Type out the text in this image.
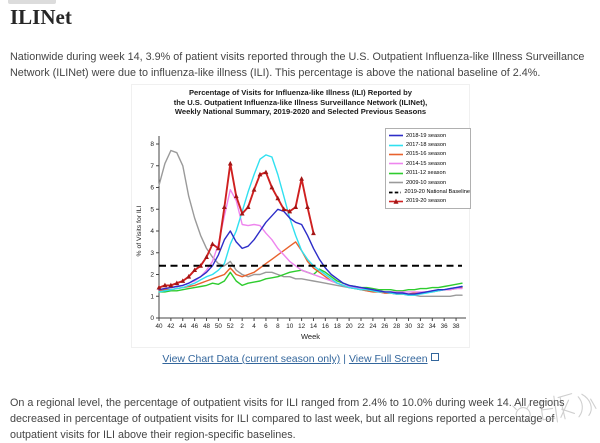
ILINet

Nationwide during week 14, 3.9% of patient visits reported through the U.S. Outpatient Influenza-like Illness Surveillance Network (ILINet) were due to influenza-like illness (ILI). This percentage is above the national baseline of 2.4%.

Percentage of Visits for Influenza-like Illness (ILI) Reported by
the U.S. Outpatient Influenza-like Illness Surveillance Network (ILINet),
Weekly National Summary, 2019-2020 and Selected Previous Seasons
0
1
2
3
4
5
6
7
8
40 42 44 46 48 50 52 2 4 6 8 10 12 14 16 18 20 22 24 26 28 30 32 34 36 38
% of Visits for ILI
Week
2018-19 season
2017-18 season
2015-16 season
2014-15 season
2011-12 season
2009-10 season
2019-20 National Baseline
2019-20 season
View Chart Data (current season only) | View Full Screen

On a regional level, the percentage of outpatient visits for ILI ranged from 2.4% to 10.0% during week 14. All regions decreased in percentage of outpatient visits for ILI compared to last week, but all regions reported a percentage of outpatient visits for ILI above their region-specific baselines.
